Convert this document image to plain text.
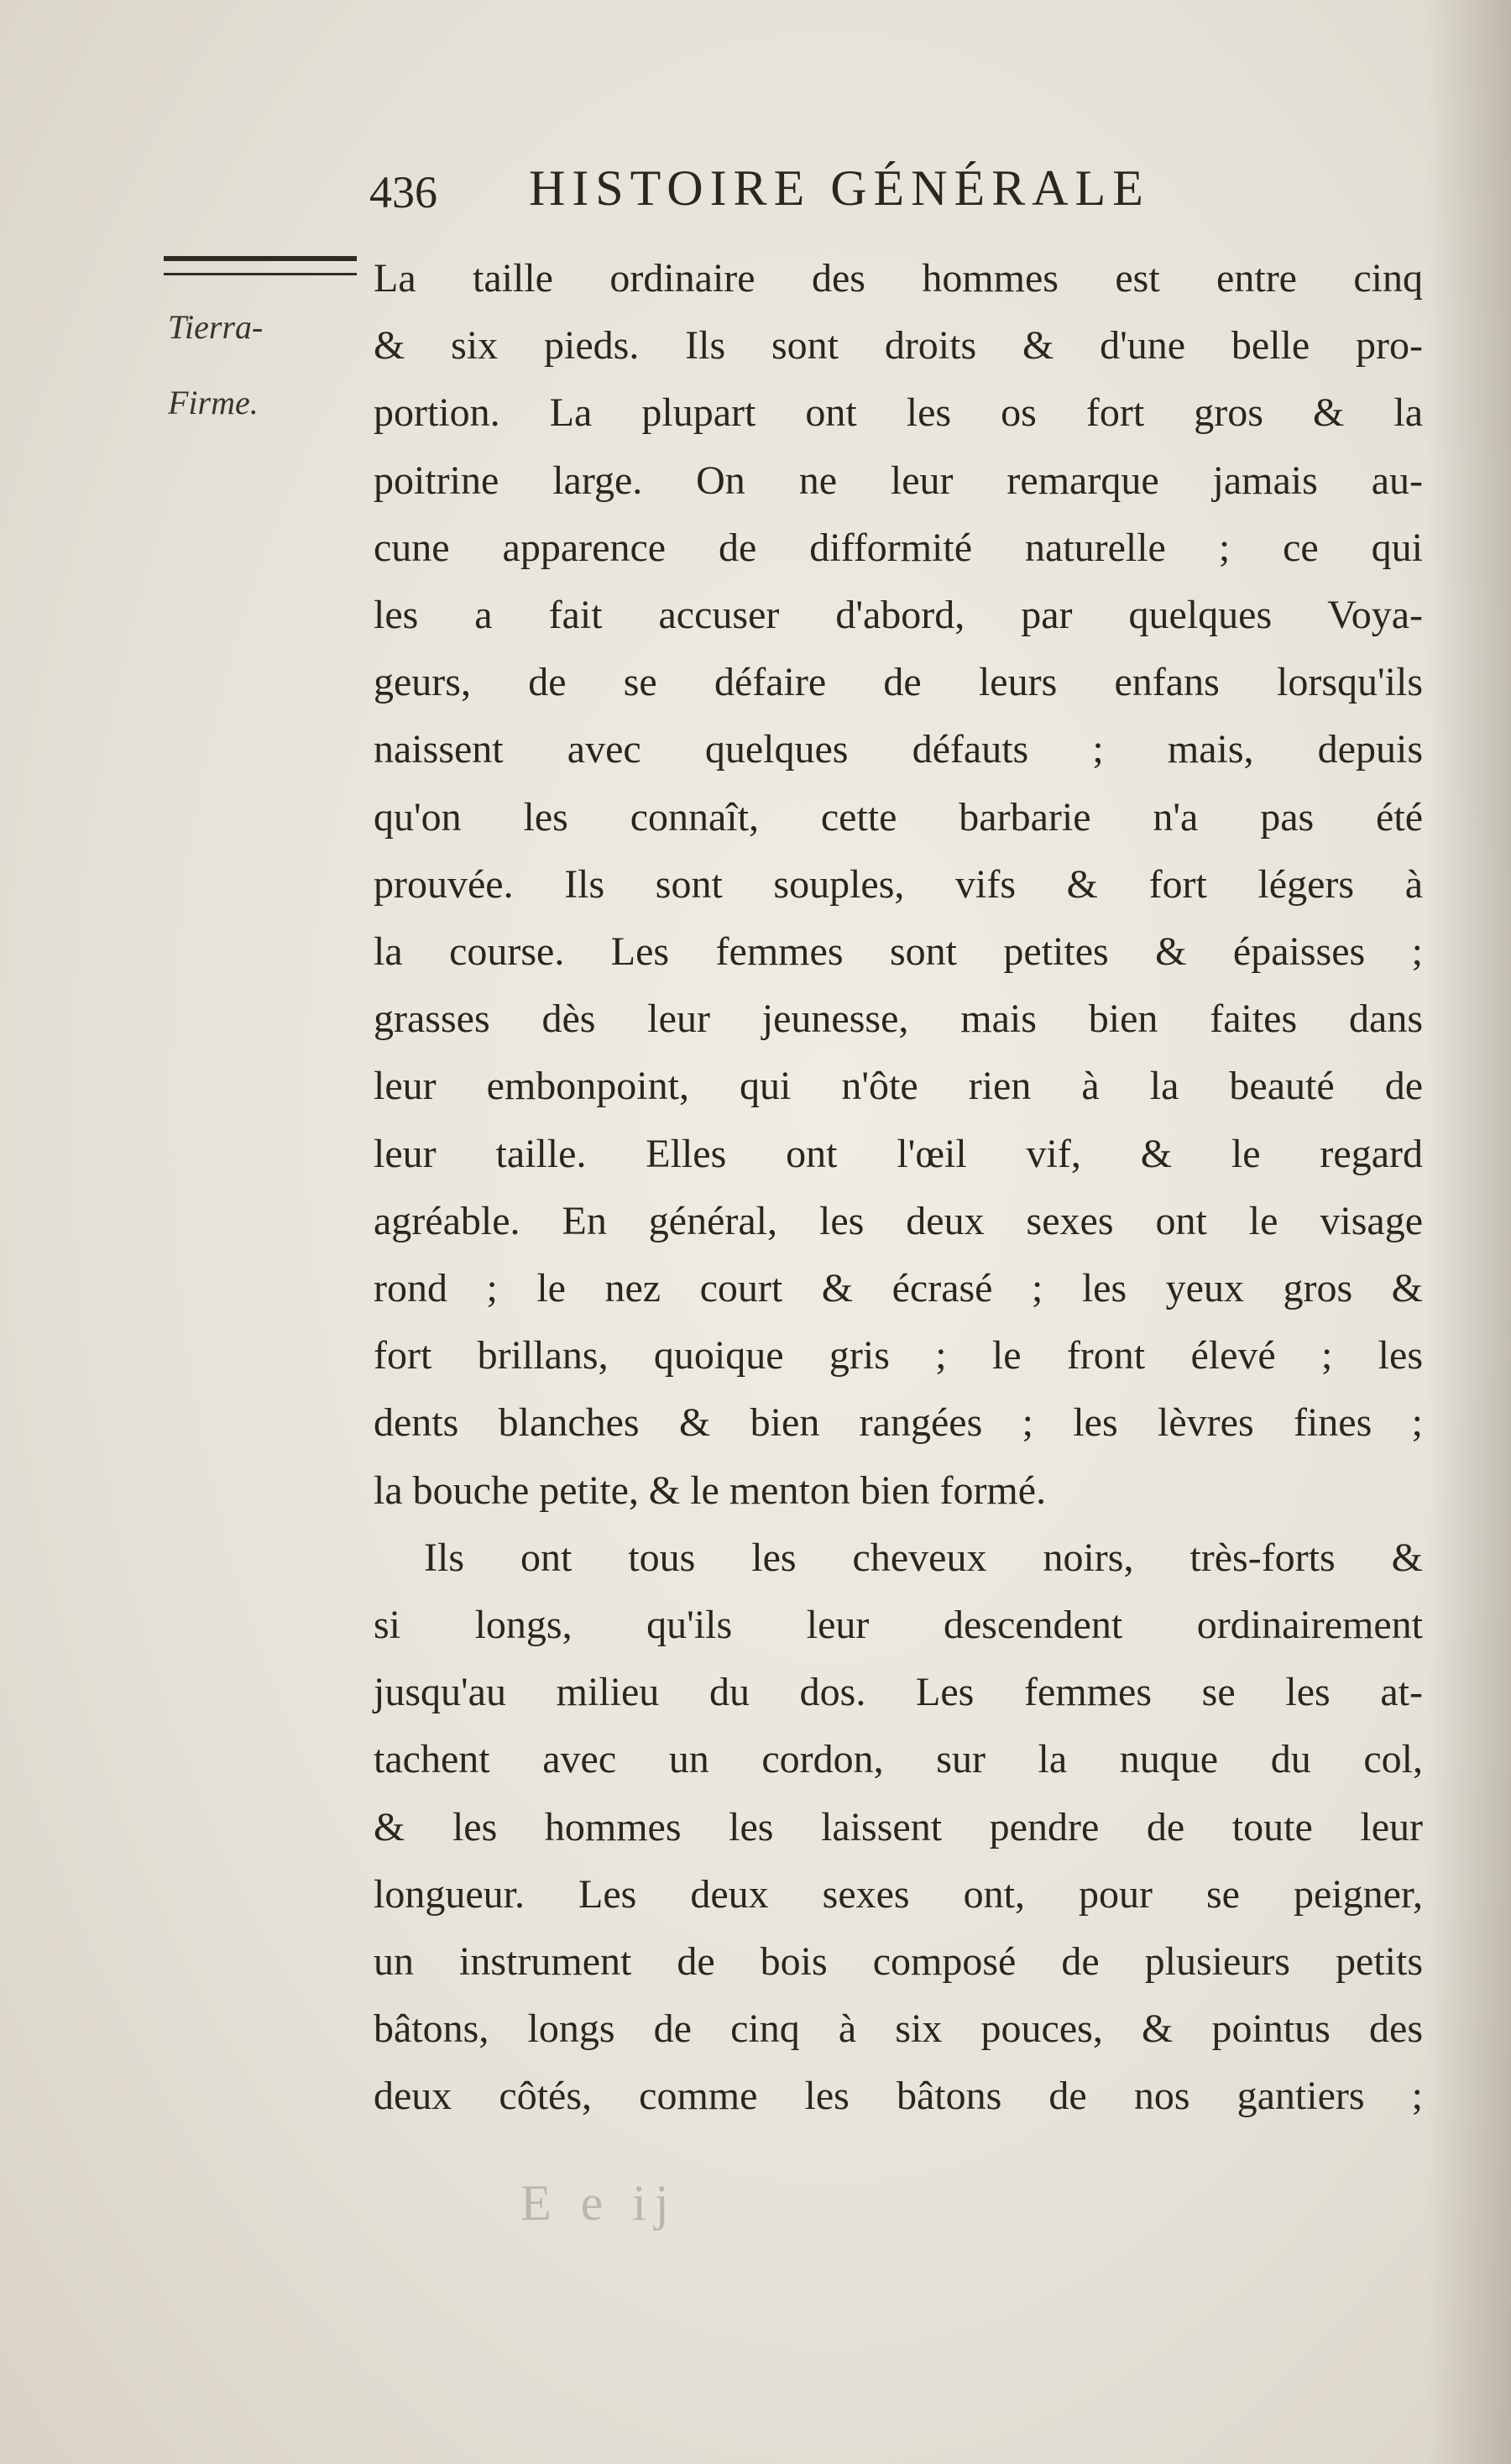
436 HISTOIRE GÉNÉRALE
Tierra-
Firme.
La taille ordinaire des hommes est entre cinq
& six pieds. Ils sont droits & d'une belle pro-
portion. La plupart ont les os fort gros & la
poitrine large. On ne leur remarque jamais au-
cune apparence de difformité naturelle ; ce qui
les a fait accuser d'abord, par quelques Voya-
geurs, de se défaire de leurs enfans lorsqu'ils
naissent avec quelques défauts ; mais, depuis
qu'on les connaît, cette barbarie n'a pas été
prouvée. Ils sont souples, vifs & fort légers à
la course. Les femmes sont petites & épaisses ;
grasses dès leur jeunesse, mais bien faites dans
leur embonpoint, qui n'ôte rien à la beauté de
leur taille. Elles ont l'œil vif, & le regard
agréable. En général, les deux sexes ont le visage
rond ; le nez court & écrasé ; les yeux gros &
fort brillans, quoique gris ; le front élevé ; les
dents blanches & bien rangées ; les lèvres fines ;
la bouche petite, & le menton bien formé.
Ils ont tous les cheveux noirs, très-forts &
si longs, qu'ils leur descendent ordinairement
jusqu'au milieu du dos. Les femmes se les at-
tachent avec un cordon, sur la nuque du col,
& les hommes les laissent pendre de toute leur
longueur. Les deux sexes ont, pour se peigner,
un instrument de bois composé de plusieurs petits
bâtons, longs de cinq à six pouces, & pointus des
deux côtés, comme les bâtons de nos gantiers ;
E e ij
